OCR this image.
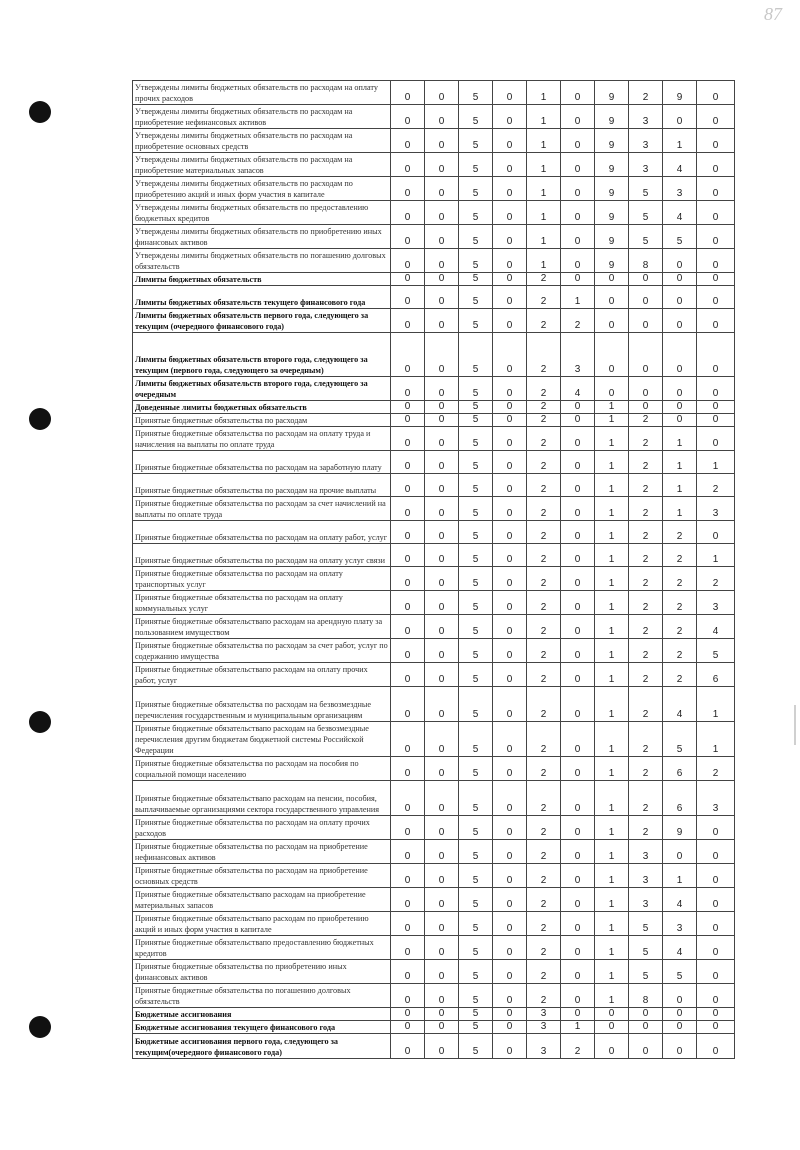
87
Утверждены лимиты бюджетных обязательств по расходам на оплату прочих расходов	0	0	5	0	1	0	9	2	9	0
Утверждены лимиты бюджетных обязательств по расходам на приобретение нефинансовых активов	0	0	5	0	1	0	9	3	0	0
Утверждены лимиты бюджетных обязательств по расходам на приобретение основных средств	0	0	5	0	1	0	9	3	1	0
Утверждены лимиты бюджетных обязательств по расходам на приобретение материальных запасов	0	0	5	0	1	0	9	3	4	0
Утверждены лимиты бюджетных обязательств по расходам по приобретению акций и иных форм участия в капитале	0	0	5	0	1	0	9	5	3	0
Утверждены лимиты бюджетных обязательств по предоставлению бюджетных кредитов	0	0	5	0	1	0	9	5	4	0
Утверждены лимиты бюджетных обязательств по приобретению иных финансовых активов	0	0	5	0	1	0	9	5	5	0
Утверждены лимиты бюджетных обязательств по погашению долговых обязательств	0	0	5	0	1	0	9	8	0	0
Лимиты бюджетных обязательств	0	0	5	0	2	0	0	0	0	0
Лимиты бюджетных обязательств текущего финансового года	0	0	5	0	2	1	0	0	0	0
Лимиты бюджетных обязательств первого года, следующего за текущим (очередного финансового года)	0	0	5	0	2	2	0	0	0	0
Лимиты бюджетных обязательств второго года, следующего за текущим (первого года, следующего за очередным)	0	0	5	0	2	3	0	0	0	0
Лимиты бюджетных обязательств второго года, следующего за очередным	0	0	5	0	2	4	0	0	0	0
Доведенные лимиты бюджетных обязательств	0	0	5	0	2	0	1	0	0	0
Принятые бюджетные обязательства по расходам	0	0	5	0	2	0	1	2	0	0
Принятые бюджетные обязательства по расходам на оплату труда и начисления на выплаты по оплате труда	0	0	5	0	2	0	1	2	1	0
Принятые бюджетные обязательства по расходам на заработную плату	0	0	5	0	2	0	1	2	1	1
Принятые бюджетные обязательства по расходам на прочие выплаты	0	0	5	0	2	0	1	2	1	2
Принятые бюджетные обязательства по расходам за счет начислений на выплаты по оплате труда	0	0	5	0	2	0	1	2	1	3
Принятые бюджетные обязательства по расходам на оплату работ, услуг	0	0	5	0	2	0	1	2	2	0
Принятые бюджетные обязательства по расходам на оплату услуг связи	0	0	5	0	2	0	1	2	2	1
Принятые бюджетные обязательства по расходам на оплату транспортных услуг	0	0	5	0	2	0	1	2	2	2
Принятые бюджетные обязательства по расходам на оплату коммунальных услуг	0	0	5	0	2	0	1	2	2	3
Принятые бюджетные обязательствапо расходам на арендную плату за пользованием имуществом	0	0	5	0	2	0	1	2	2	4
Принятые бюджетные обязательства по расходам за счет работ, услуг по содержанию имущества	0	0	5	0	2	0	1	2	2	5
Принятые бюджетные обязательствапо расходам на оплату прочих работ, услуг	0	0	5	0	2	0	1	2	2	6
Принятые бюджетные обязательства по расходам на безвозмездные перечисления государственным и муниципальным организациям	0	0	5	0	2	0	1	2	4	1
Принятые бюджетные обязательствапо расходам на безвозмездные перечисления другим бюджетам бюджетной системы Российской Федерации	0	0	5	0	2	0	1	2	5	1
Принятые бюджетные обязательства по расходам на пособия по социальной помощи населению	0	0	5	0	2	0	1	2	6	2
Принятые бюджетные обязательствапо расходам на пенсии, пособия, выплачиваемые организациями сектора государственного управления	0	0	5	0	2	0	1	2	6	3
Принятые бюджетные обязательства по расходам на оплату прочих расходов	0	0	5	0	2	0	1	2	9	0
Принятые бюджетные обязательства по расходам на приобретение нефинансовых активов	0	0	5	0	2	0	1	3	0	0
Принятые бюджетные обязательства по расходам на приобретение основных средств	0	0	5	0	2	0	1	3	1	0
Принятые бюджетные обязательствапо расходам на приобретение материальных запасов	0	0	5	0	2	0	1	3	4	0
Принятые бюджетные обязательствапо расходам по приобретению акций и иных форм участия в капитале	0	0	5	0	2	0	1	5	3	0
Принятые бюджетные обязательствапо предоставлению бюджетных кредитов	0	0	5	0	2	0	1	5	4	0
Принятые бюджетные обязательства по приобретению иных финансовых активов	0	0	5	0	2	0	1	5	5	0
Принятые бюджетные обязательства по погашению долговых обязательств	0	0	5	0	2	0	1	8	0	0
Бюджетные ассигнования	0	0	5	0	3	0	0	0	0	0
Бюджетные ассигнования текущего финансового года	0	0	5	0	3	1	0	0	0	0
Бюджетные ассигнования первого года, следующего за текущим(очередного финансового года)	0	0	5	0	3	2	0	0	0	0
